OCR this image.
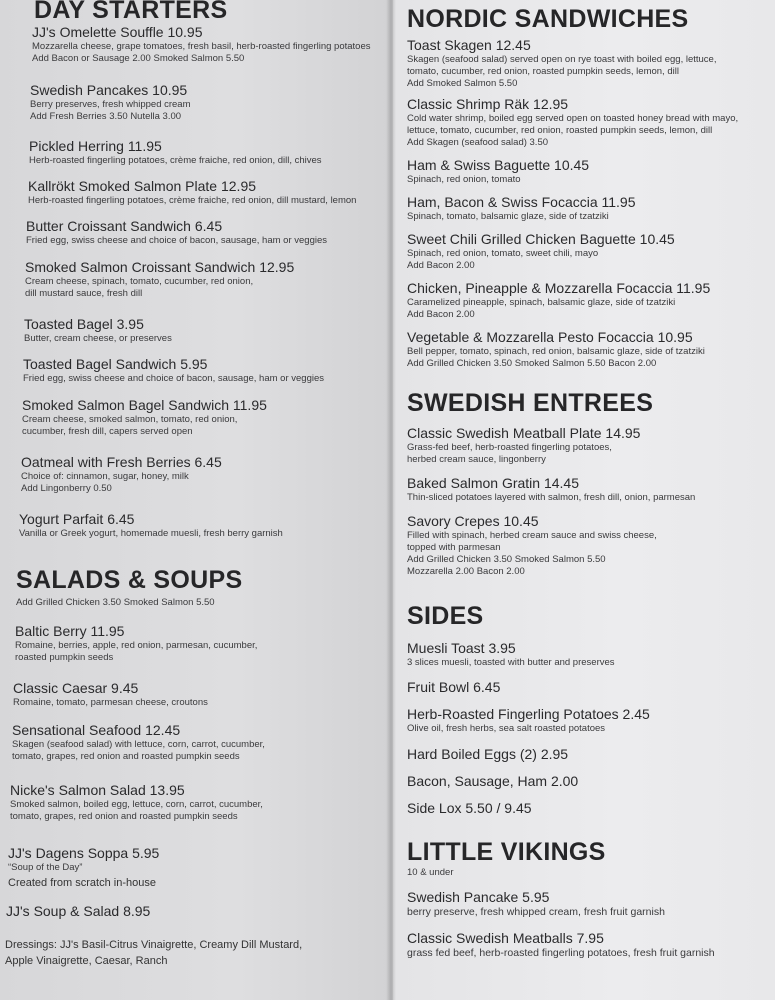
DAY STARTERS
JJ's Omelette Souffle 10.95
Mozzarella cheese, grape tomatoes, fresh basil, herb-roasted fingerling potatoes
Add Bacon or Sausage 2.00 Smoked Salmon 5.50
Swedish Pancakes 10.95
Berry preserves, fresh whipped cream
Add Fresh Berries 3.50 Nutella 3.00
Pickled Herring 11.95
Herb-roasted fingerling potatoes, crème fraiche, red onion, dill, chives
Kallrökt Smoked Salmon Plate 12.95
Herb-roasted fingerling potatoes, crème fraiche, red onion, dill mustard, lemon
Butter Croissant Sandwich 6.45
Fried egg, swiss cheese and choice of bacon, sausage, ham or veggies
Smoked Salmon Croissant Sandwich 12.95
Cream cheese, spinach, tomato, cucumber, red onion,
dill mustard sauce, fresh dill
Toasted Bagel 3.95
Butter, cream cheese, or preserves
Toasted Bagel Sandwich 5.95
Fried egg, swiss cheese and choice of bacon, sausage, ham or veggies
Smoked Salmon Bagel Sandwich 11.95
Cream cheese, smoked salmon, tomato, red onion,
cucumber, fresh dill, capers served open
Oatmeal with Fresh Berries 6.45
Choice of: cinnamon, sugar, honey, milk
Add Lingonberry 0.50
Yogurt Parfait 6.45
Vanilla or Greek yogurt, homemade muesli, fresh berry garnish
SALADS & SOUPS
Add Grilled Chicken 3.50 Smoked Salmon 5.50
Baltic Berry 11.95
Romaine, berries, apple, red onion, parmesan, cucumber,
roasted pumpkin seeds
Classic Caesar 9.45
Romaine, tomato, parmesan cheese, croutons
Sensational Seafood 12.45
Skagen (seafood salad) with lettuce, corn, carrot, cucumber,
tomato, grapes, red onion and roasted pumpkin seeds
Nicke's Salmon Salad 13.95
Smoked salmon, boiled egg, lettuce, corn, carrot, cucumber,
tomato, grapes, red onion and roasted pumpkin seeds
JJ's Dagens Soppa 5.95
“Soup of the Day”
Created from scratch in-house
JJ's Soup & Salad 8.95
Dressings: JJ's Basil-Citrus Vinaigrette, Creamy Dill Mustard,
Apple Vinaigrette, Caesar, Ranch
NORDIC SANDWICHES
Toast Skagen 12.45
Skagen (seafood salad) served open on rye toast with boiled egg, lettuce,
tomato, cucumber, red onion, roasted pumpkin seeds, lemon, dill
Add Smoked Salmon 5.50
Classic Shrimp Räk 12.95
Cold water shrimp, boiled egg served open on toasted honey bread with mayo,
lettuce, tomato, cucumber, red onion, roasted pumpkin seeds, lemon, dill
Add Skagen (seafood salad) 3.50
Ham & Swiss Baguette 10.45
Spinach, red onion, tomato
Ham, Bacon & Swiss Focaccia 11.95
Spinach, tomato, balsamic glaze, side of tzatziki
Sweet Chili Grilled Chicken Baguette 10.45
Spinach, red onion, tomato, sweet chili, mayo
Add Bacon 2.00
Chicken, Pineapple & Mozzarella Focaccia 11.95
Caramelized pineapple, spinach, balsamic glaze, side of tzatziki
Add Bacon 2.00
Vegetable & Mozzarella Pesto Focaccia 10.95
Bell pepper, tomato, spinach, red onion, balsamic glaze, side of tzatziki
Add Grilled Chicken 3.50 Smoked Salmon 5.50 Bacon 2.00
SWEDISH ENTREES
Classic Swedish Meatball Plate 14.95
Grass-fed beef, herb-roasted fingerling potatoes,
herbed cream sauce, lingonberry
Baked Salmon Gratin 14.45
Thin-sliced potatoes layered with salmon, fresh dill, onion, parmesan
Savory Crepes 10.45
Filled with spinach, herbed cream sauce and swiss cheese,
topped with parmesan
Add Grilled Chicken 3.50 Smoked Salmon 5.50
Mozzarella 2.00 Bacon 2.00
SIDES
Muesli Toast 3.95
3 slices muesli, toasted with butter and preserves
Fruit Bowl 6.45
Herb-Roasted Fingerling Potatoes 2.45
Olive oil, fresh herbs, sea salt roasted potatoes
Hard Boiled Eggs (2) 2.95
Bacon, Sausage, Ham 2.00
Side Lox 5.50 / 9.45
LITTLE VIKINGS
10 & under
Swedish Pancake 5.95
berry preserve, fresh whipped cream, fresh fruit garnish
Classic Swedish Meatballs 7.95
grass fed beef, herb-roasted fingerling potatoes, fresh fruit garnish
